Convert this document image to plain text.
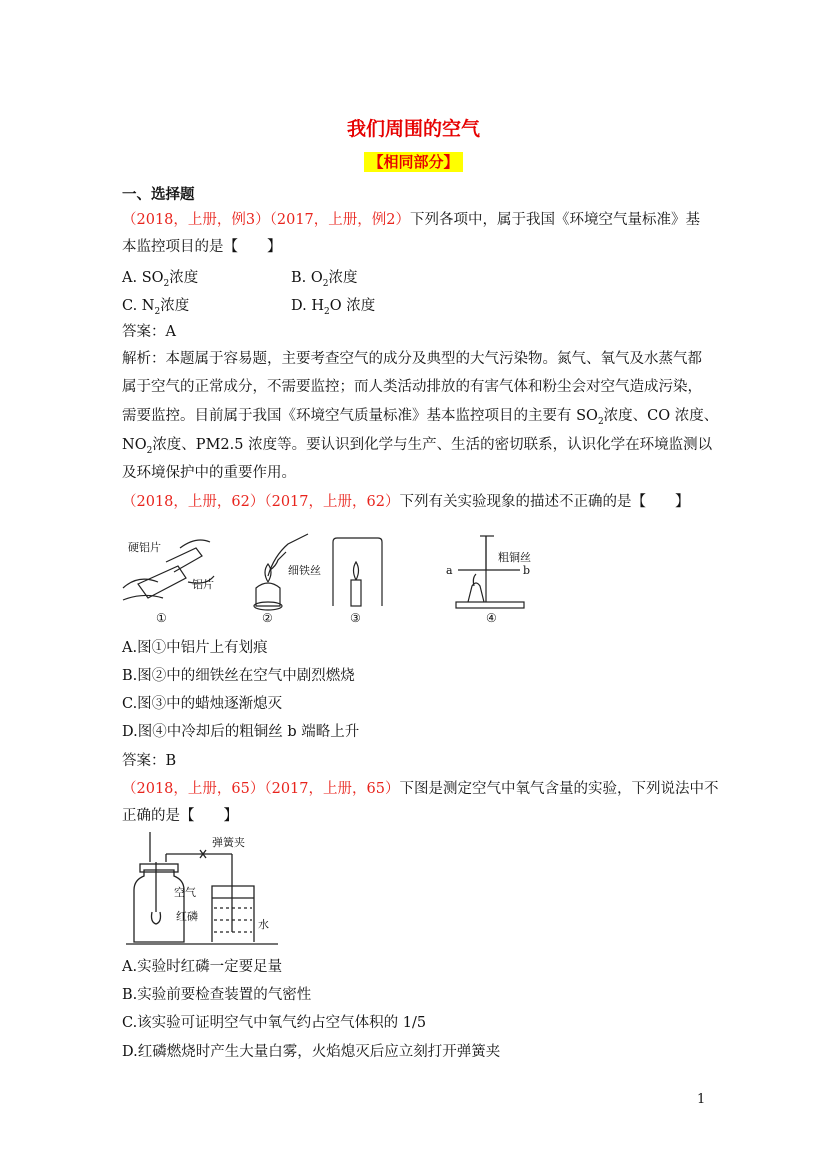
我们周围的空气
【相同部分】
一、选择题
（2018，上册，例3）（2017，上册，例2）下列各项中，属于我国《环境空气量标准》基
本监控项目的是【　　】
A. $SO_2$浓度	B. $O_2$浓度
C. $N_2$浓度	D. $H_2O$ 浓度
答案：A
解析：本题属于容易题，主要考查空气的成分及典型的大气污染物。氮气、氧气及水蒸气都
属于空气的正常成分，不需要监控；而人类活动排放的有害气体和粉尘会对空气造成污染，
需要监控。目前属于我国《环境空气质量标准》基本监控项目的主要有 $SO_2$浓度、CO 浓度、
$NO_2$浓度、PM2.5 浓度等。要认识到化学与生产、生活的密切联系，认识化学在环境监测以
及环境保护中的重要作用。
（2018，上册，62）（2017，上册，62）下列有关实验现象的描述不正确的是【　　】
硬铝片
铝片
①
细铁丝
②	③
a	b
粗铜丝
④
A.图①中铝片上有划痕
B.图②中的细铁丝在空气中剧烈燃烧
C.图③中的蜡烛逐渐熄灭
D.图④中冷却后的粗铜丝 b 端略上升
答案：B
（2018，上册，65）（2017，上册，65）下图是测定空气中氧气含量的实验，下列说法中不
正确的是【　　】
弹簧夹
空气
红磷
水
A.实验时红磷一定要足量
B.实验前要检查装置的气密性
C.该实验可证明空气中氧气约占空气体积的 1/5
D.红磷燃烧时产生大量白雾，火焰熄灭后应立刻打开弹簧夹
1
